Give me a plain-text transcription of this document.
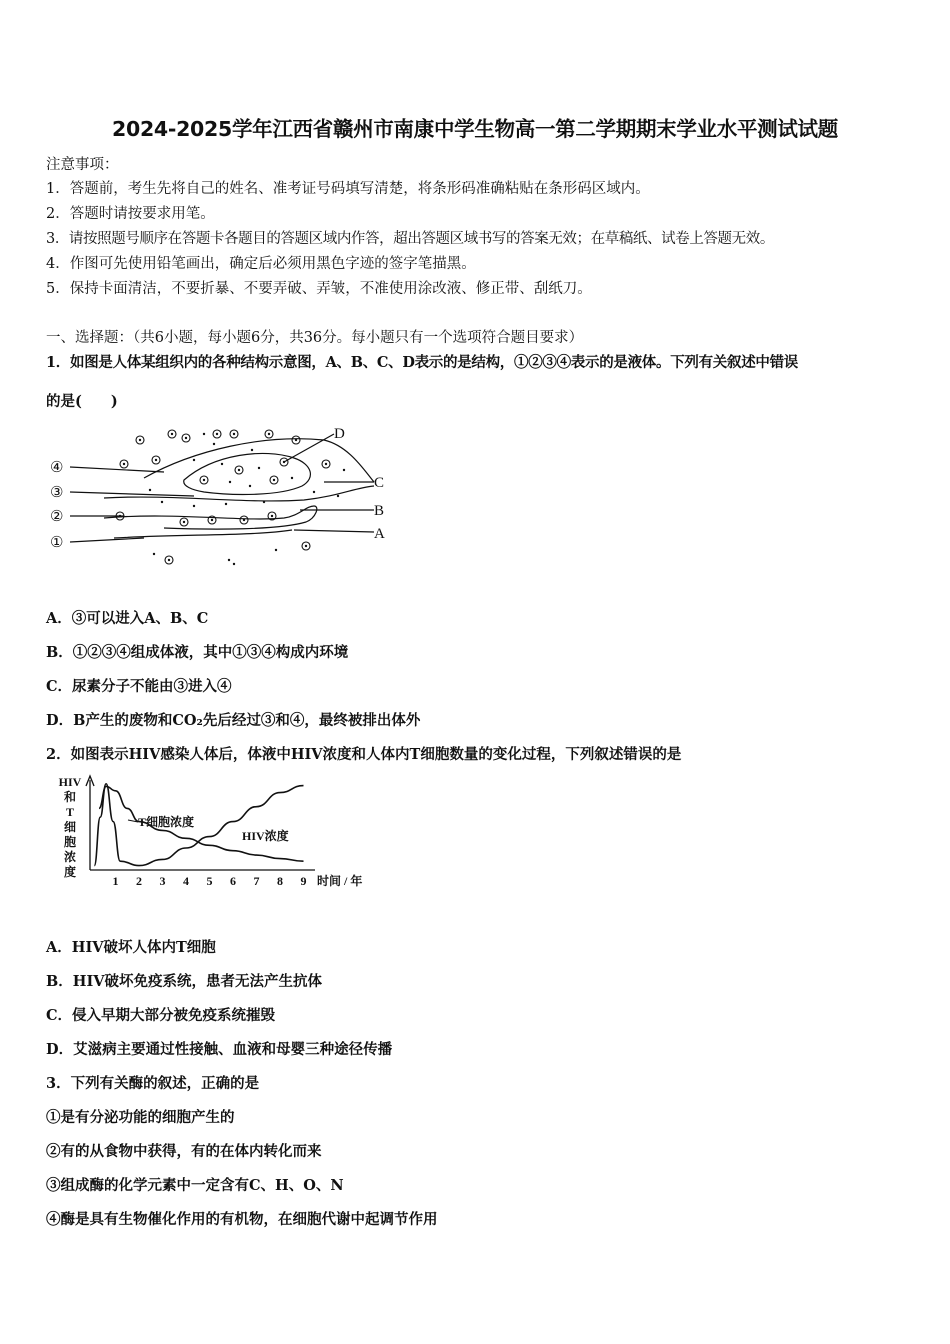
2024-2025学年江西省赣州市南康中学生物高一第二学期期末学业水平测试试题
注意事项：
1．答题前，考生先将自己的姓名、准考证号码填写清楚，将条形码准确粘贴在条形码区域内。
2．答题时请按要求用笔。
3．请按照题号顺序在答题卡各题目的答题区域内作答，超出答题区域书写的答案无效；在草稿纸、试卷上答题无效。
4．作图可先使用铅笔画出，确定后必须用黑色字迹的签字笔描黑。
5．保持卡面清洁，不要折暴、不要弄破、弄皱，不准使用涂改液、修正带、刮纸刀。
一、选择题：（共6小题，每小题6分，共36分。每小题只有一个选项符合题目要求）
1．如图是人体某组织内的各种结构示意图，A、B、C、D表示的是结构，①②③④表示的是液体。下列有关叙述中错误
的是(　　)
④
③
②
①
D
C
B
A
A．③可以进入A、B、C
B．①②③④组成体液，其中①③④构成内环境
C．尿素分子不能由③进入④
D．B产生的废物和CO₂先后经过③和④，最终被排出体外
2．如图表示HIV感染人体后，体液中HIV浓度和人体内T细胞数量的变化过程，下列叙述错误的是
HIV
和
T
细
胞
浓
度
1 2 3 4 5 6 7 8 9 时间 / 年
T细胞浓度
HIV浓度
A．HIV破坏人体内T细胞
B．HIV破坏免疫系统，患者无法产生抗体
C．侵入早期大部分被免疫系统摧毁
D．艾滋病主要通过性接触、血液和母婴三种途径传播
3．下列有关酶的叙述，正确的是
①是有分泌功能的细胞产生的
②有的从食物中获得，有的在体内转化而来
③组成酶的化学元素中一定含有C、H、O、N
④酶是具有生物催化作用的有机物，在细胞代谢中起调节作用
